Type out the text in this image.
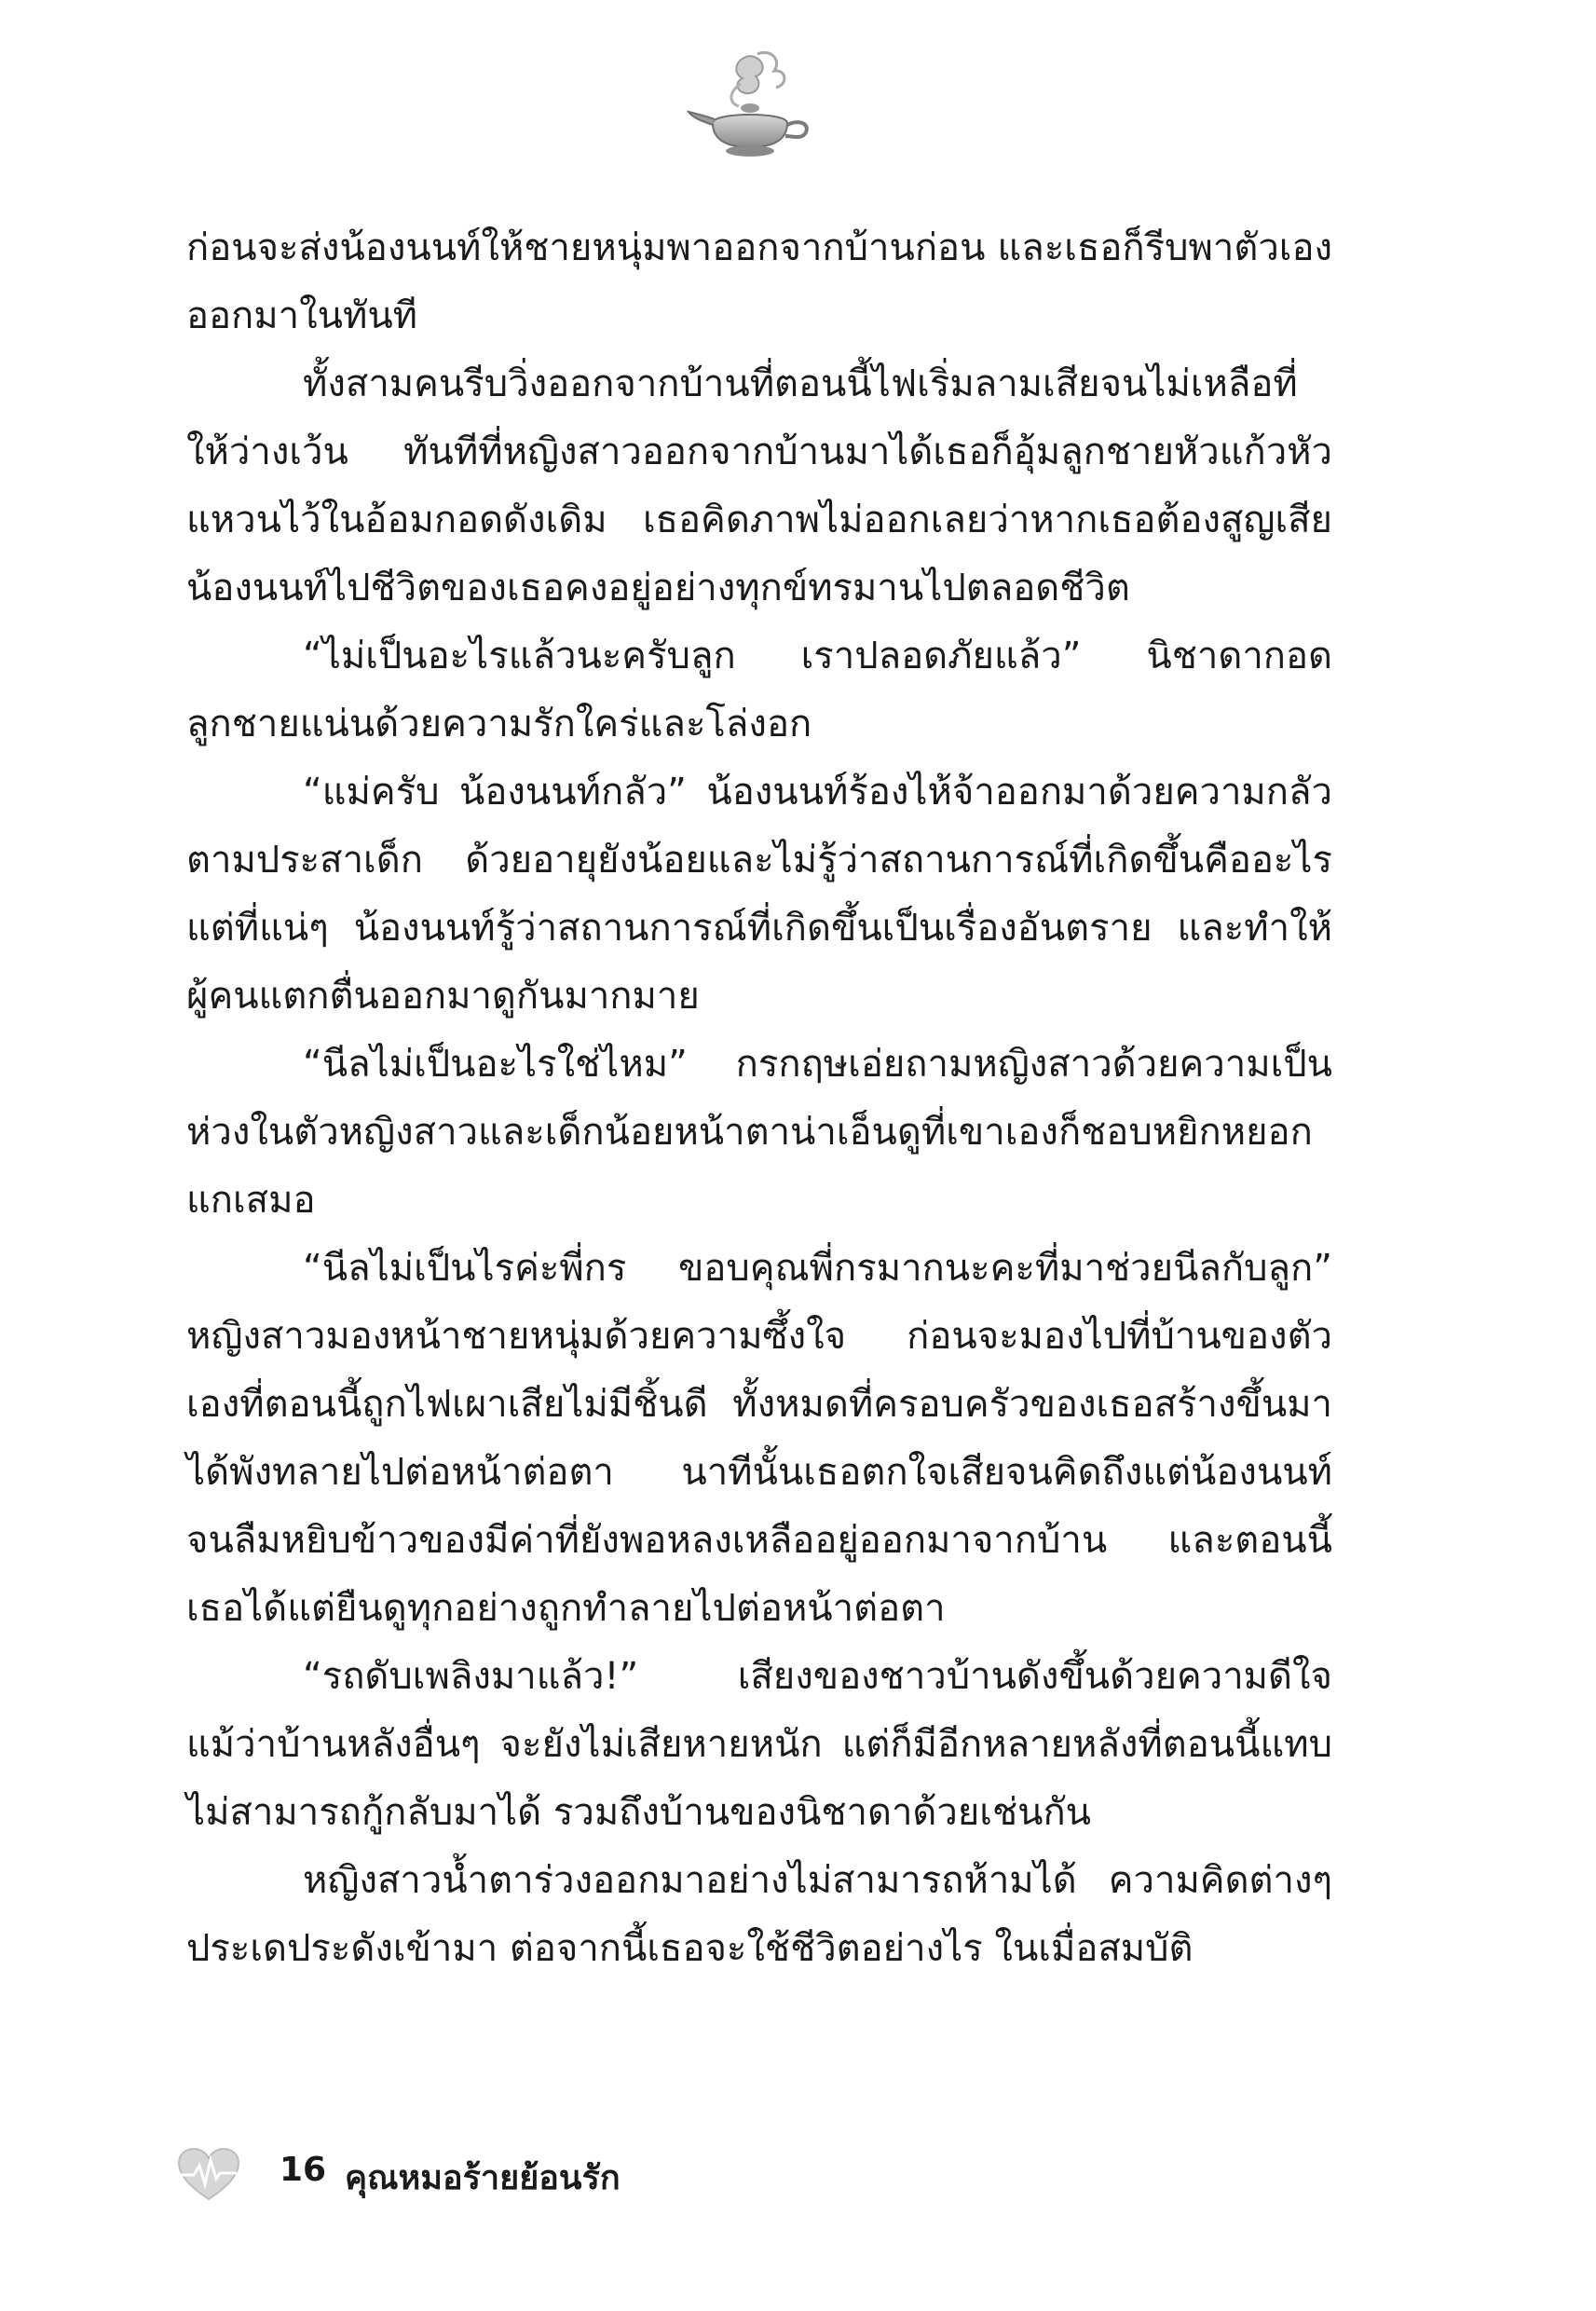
ก่อนจะส่งน้องนนท์ให้ชายหนุ่มพาออกจากบ้านก่อน และเธอก็รีบพาตัวเองออกมาในทันที

ทั้งสามคนรีบวิ่งออกจากบ้านที่ตอนนี้ไฟเริ่มลามเสียจนไม่เหลือที่ให้ว่างเว้น ทันทีที่หญิงสาวออกจากบ้านมาได้เธอก็อุ้มลูกชายหัวแก้วหัวแหวนไว้ในอ้อมกอดดังเดิม เธอคิดภาพไม่ออกเลยว่าหากเธอต้องสูญเสียน้องนนท์ไปชีวิตของเธอคงอยู่อย่างทุกข์ทรมานไปตลอดชีวิต

“ไม่เป็นอะไรแล้วนะครับลูก เราปลอดภัยแล้ว” นิชาดากอดลูกชายแน่นด้วยความรักใคร่และโล่งอก

“แม่ครับ น้องนนท์กลัว” น้องนนท์ร้องไห้จ้าออกมาด้วยความกลัวตามประสาเด็ก ด้วยอายุยังน้อยและไม่รู้ว่าสถานการณ์ที่เกิดขึ้นคืออะไร แต่ที่แน่ๆ น้องนนท์รู้ว่าสถานการณ์ที่เกิดขึ้นเป็นเรื่องอันตราย และทำให้ผู้คนแตกตื่นออกมาดูกันมากมาย

“นีลไม่เป็นอะไรใช่ไหม” กรกฤษเอ่ยถามหญิงสาวด้วยความเป็นห่วงในตัวหญิงสาวและเด็กน้อยหน้าตาน่าเอ็นดูที่เขาเองก็ชอบหยิกหยอกแกเสมอ

“นีลไม่เป็นไรค่ะพี่กร ขอบคุณพี่กรมากนะคะที่มาช่วยนีลกับลูก” หญิงสาวมองหน้าชายหนุ่มด้วยความซึ้งใจ ก่อนจะมองไปที่บ้านของตัวเองที่ตอนนี้ถูกไฟเผาเสียไม่มีชิ้นดี ทั้งหมดที่ครอบครัวของเธอสร้างขึ้นมาได้พังทลายไปต่อหน้าต่อตา นาทีนั้นเธอตกใจเสียจนคิดถึงแต่น้องนนท์ จนลืมหยิบข้าวของมีค่าที่ยังพอหลงเหลืออยู่ออกมาจากบ้าน และตอนนี้เธอได้แต่ยืนดูทุกอย่างถูกทำลายไปต่อหน้าต่อตา

“รถดับเพลิงมาแล้ว!” เสียงของชาวบ้านดังขึ้นด้วยความดีใจ แม้ว่าบ้านหลังอื่นๆ จะยังไม่เสียหายหนัก แต่ก็มีอีกหลายหลังที่ตอนนี้แทบไม่สามารถกู้กลับมาได้ รวมถึงบ้านของนิชาดาด้วยเช่นกัน

หญิงสาวน้ำตาร่วงออกมาอย่างไม่สามารถห้ามได้ ความคิดต่างๆประเดประดังเข้ามา ต่อจากนี้เธอจะใช้ชีวิตอย่างไร ในเมื่อสมบัติ

16 คุณหมอร้ายย้อนรัก
